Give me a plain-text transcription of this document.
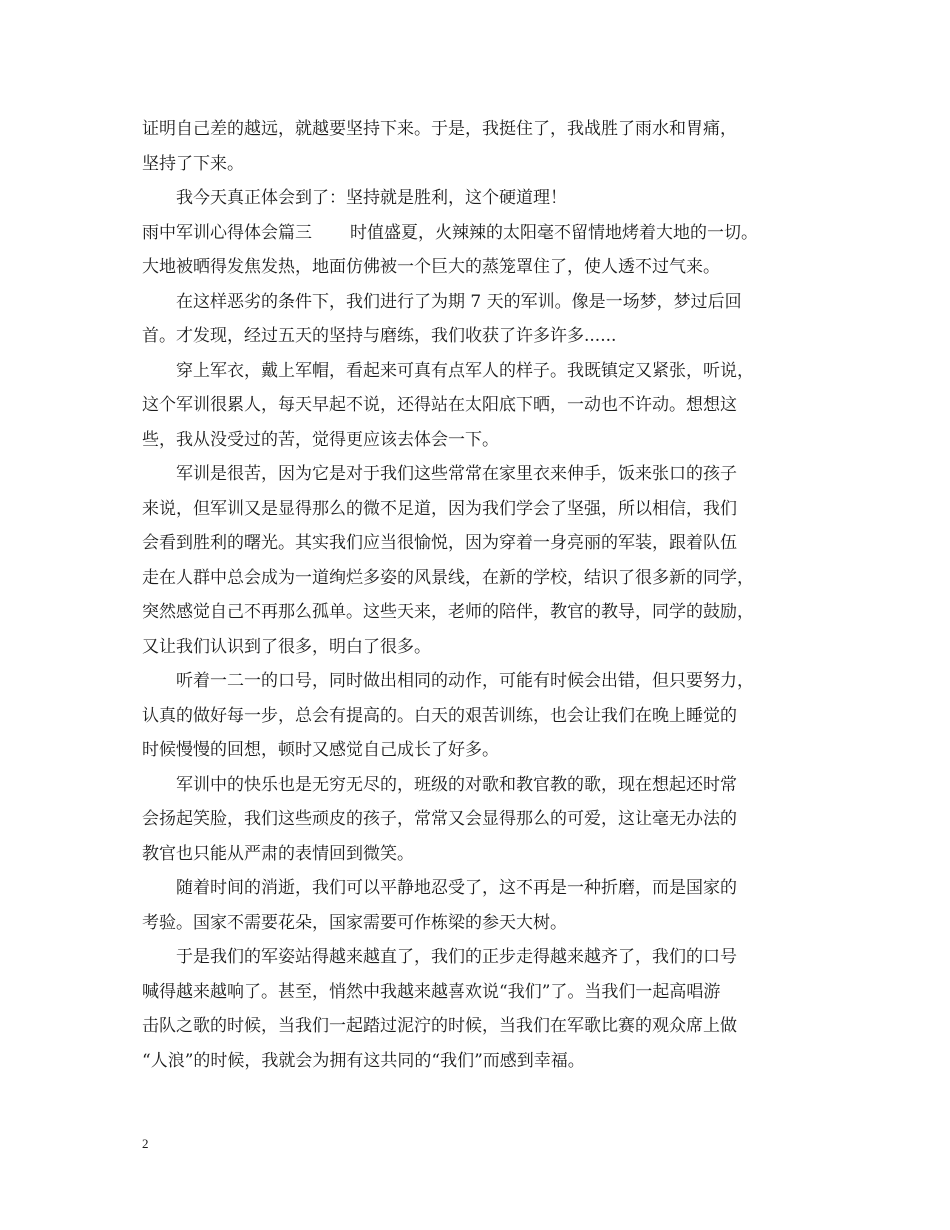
证明自己差的越远，就越要坚持下来。于是，我挺住了，我战胜了雨水和胃痛，
坚持了下来。
我今天真正体会到了：坚持就是胜利，这个硬道理！
雨中军训心得体会篇三 时值盛夏，火辣辣的太阳毫不留情地烤着大地的一切。
大地被晒得发焦发热，地面仿佛被一个巨大的蒸笼罩住了，使人透不过气来。
在这样恶劣的条件下，我们进行了为期 7 天的军训。像是一场梦，梦过后回
首。才发现，经过五天的坚持与磨练，我们收获了许多许多......
穿上军衣，戴上军帽，看起来可真有点军人的样子。我既镇定又紧张，听说，
这个军训很累人，每天早起不说，还得站在太阳底下晒，一动也不许动。想想这
些，我从没受过的苦，觉得更应该去体会一下。
军训是很苦，因为它是对于我们这些常常在家里衣来伸手，饭来张口的孩子
来说，但军训又是显得那么的微不足道，因为我们学会了坚强，所以相信，我们
会看到胜利的曙光。其实我们应当很愉悦，因为穿着一身亮丽的军装，跟着队伍
走在人群中总会成为一道绚烂多姿的风景线，在新的学校，结识了很多新的同学，
突然感觉自己不再那么孤单。这些天来，老师的陪伴，教官的教导，同学的鼓励，
又让我们认识到了很多，明白了很多。
听着一二一的口号，同时做出相同的动作，可能有时候会出错，但只要努力，
认真的做好每一步，总会有提高的。白天的艰苦训练，也会让我们在晚上睡觉的
时候慢慢的回想，顿时又感觉自己成长了好多。
军训中的快乐也是无穷无尽的，班级的对歌和教官教的歌，现在想起还时常
会扬起笑脸，我们这些顽皮的孩子，常常又会显得那么的可爱，这让毫无办法的
教官也只能从严肃的表情回到微笑。
随着时间的消逝，我们可以平静地忍受了，这不再是一种折磨，而是国家的
考验。国家不需要花朵，国家需要可作栋梁的参天大树。
于是我们的军姿站得越来越直了，我们的正步走得越来越齐了，我们的口号
喊得越来越响了。甚至，悄然中我越来越喜欢说“我们”了。当我们一起高唱游
击队之歌的时候，当我们一起踏过泥泞的时候，当我们在军歌比赛的观众席上做
“人浪”的时候，我就会为拥有这共同的“我们”而感到幸福。
2
